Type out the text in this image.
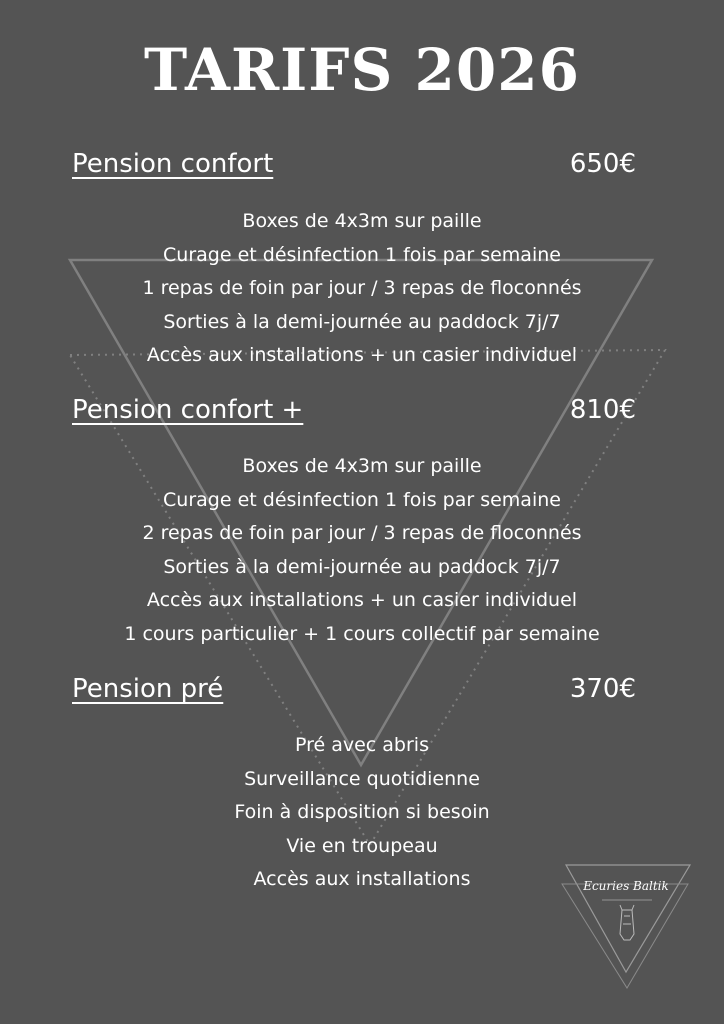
TARIFS 2026
Pension confort	650€
Boxes de 4x3m sur paille
Curage et désinfection 1 fois par semaine
1 repas de foin par jour / 3 repas de floconnés
Sorties à la demi-journée au paddock 7j/7
Accès aux installations + un casier individuel
Pension confort +	810€
Boxes de 4x3m sur paille
Curage et désinfection 1 fois par semaine
2 repas de foin par jour / 3 repas de floconnés
Sorties à la demi-journée au paddock 7j/7
Accès aux installations + un casier individuel
1 cours particulier + 1 cours collectif par semaine
Pension pré	370€
Pré avec abris
Surveillance quotidienne
Foin à disposition si besoin
Vie en troupeau
Accès aux installations	Ecuries Baltik
